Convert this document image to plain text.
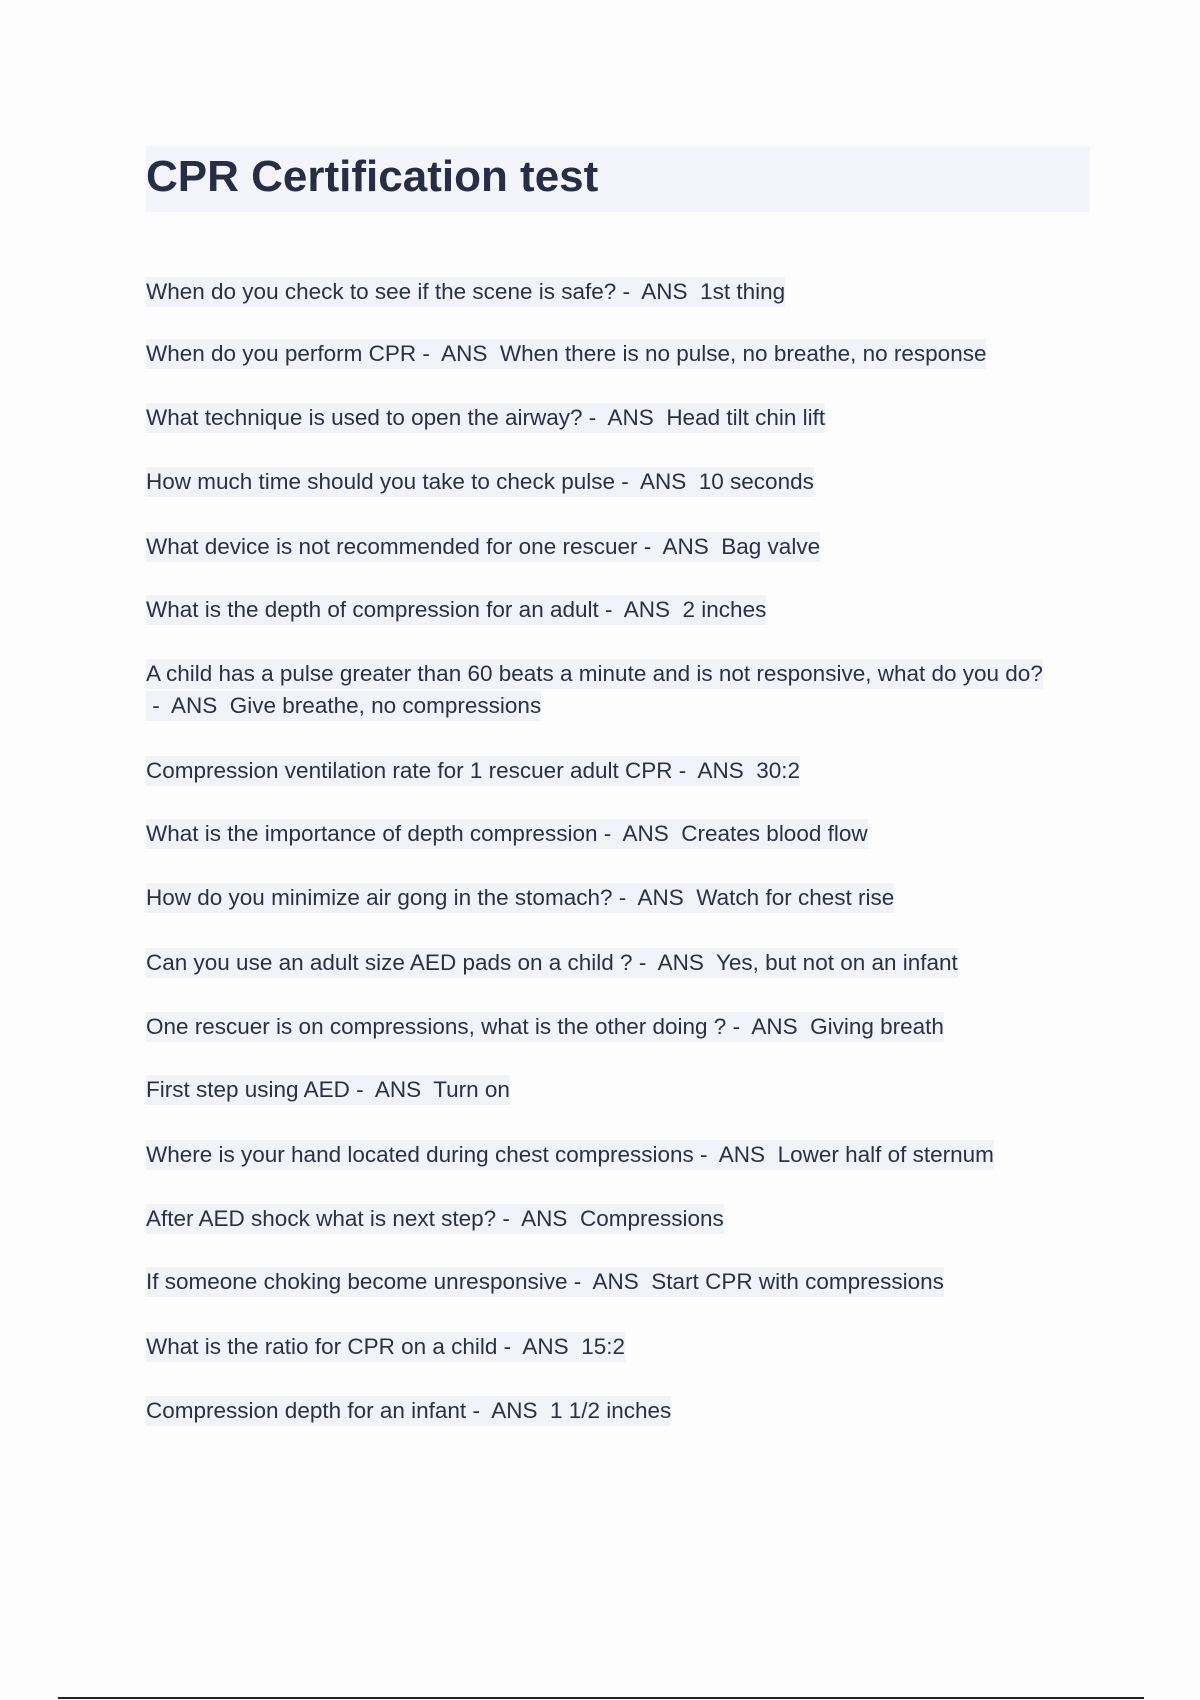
CPR Certification test
When do you check to see if the scene is safe? -  ANS  1st thing
When do you perform CPR -  ANS  When there is no pulse, no breathe, no response
What technique is used to open the airway? -  ANS  Head tilt chin lift
How much time should you take to check pulse -  ANS  10 seconds
What device is not recommended for one rescuer -  ANS  Bag valve
What is the depth of compression for an adult -  ANS  2 inches
A child has a pulse greater than 60 beats a minute and is not responsive, what do you do? -  ANS  Give breathe, no compressions
Compression ventilation rate for 1 rescuer adult CPR -  ANS  30:2
What is the importance of depth compression -  ANS  Creates blood flow
How do you minimize air gong in the stomach? -  ANS  Watch for chest rise
Can you use an adult size AED pads on a child ? -  ANS  Yes, but not on an infant
One rescuer is on compressions, what is the other doing ? -  ANS  Giving breath
First step using AED -  ANS  Turn on
Where is your hand located during chest compressions -  ANS  Lower half of sternum
After AED shock what is next step? -  ANS  Compressions
If someone choking become unresponsive -  ANS  Start CPR with compressions
What is the ratio for CPR on a child -  ANS  15:2
Compression depth for an infant -  ANS  1 1/2 inches
